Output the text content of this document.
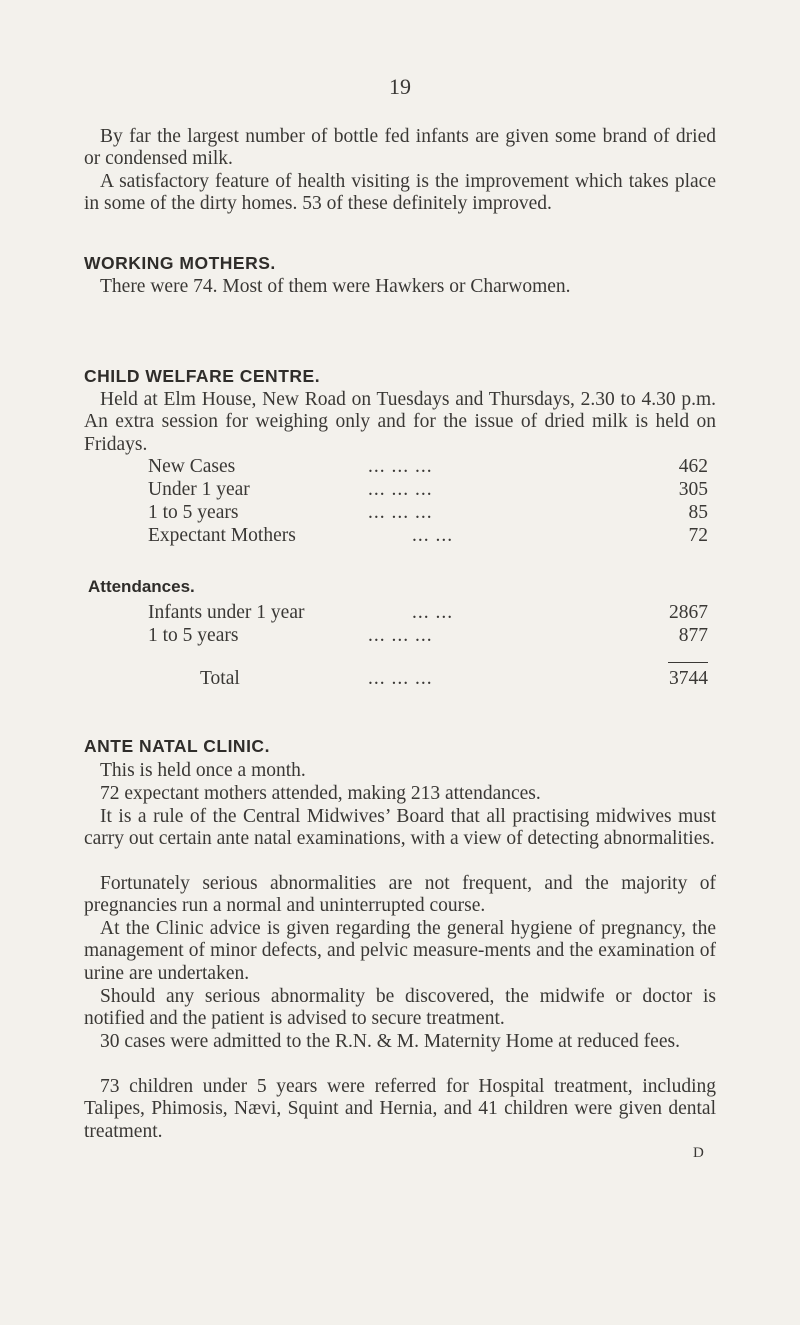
19
By far the largest number of bottle fed infants are given some brand of dried or condensed milk.
A satisfactory feature of health visiting is the improvement which takes place in some of the dirty homes. 53 of these definitely improved.
WORKING MOTHERS.
There were 74. Most of them were Hawkers or Charwomen.
CHILD WELFARE CENTRE.
Held at Elm House, New Road on Tuesdays and Thursdays, 2.30 to 4.30 p.m. An extra session for weighing only and for the issue of dried milk is held on Fridays.
New Cases	... ... ...	462
Under 1 year	... ... ...	305
1 to 5 years	... ... ...	85
Expectant Mothers	... ...	72
Attendances.
Infants under 1 year	... ...	2867
1 to 5 years	... ... ...	877
Total	... ... ...	3744
ANTE NATAL CLINIC.
This is held once a month.
72 expectant mothers attended, making 213 attendances.
It is a rule of the Central Midwives’ Board that all practising midwives must carry out certain ante natal examinations, with a view of detecting abnormalities.
Fortunately serious abnormalities are not frequent, and the majority of pregnancies run a normal and uninterrupted course.
At the Clinic advice is given regarding the general hygiene of pregnancy, the management of minor defects, and pelvic measure-ments and the examination of urine are undertaken.
Should any serious abnormality be discovered, the midwife or doctor is notified and the patient is advised to secure treatment.
30 cases were admitted to the R.N. & M. Maternity Home at reduced fees.
73 children under 5 years were referred for Hospital treatment, including Talipes, Phimosis, Nævi, Squint and Hernia, and 41 children were given dental treatment.
D
